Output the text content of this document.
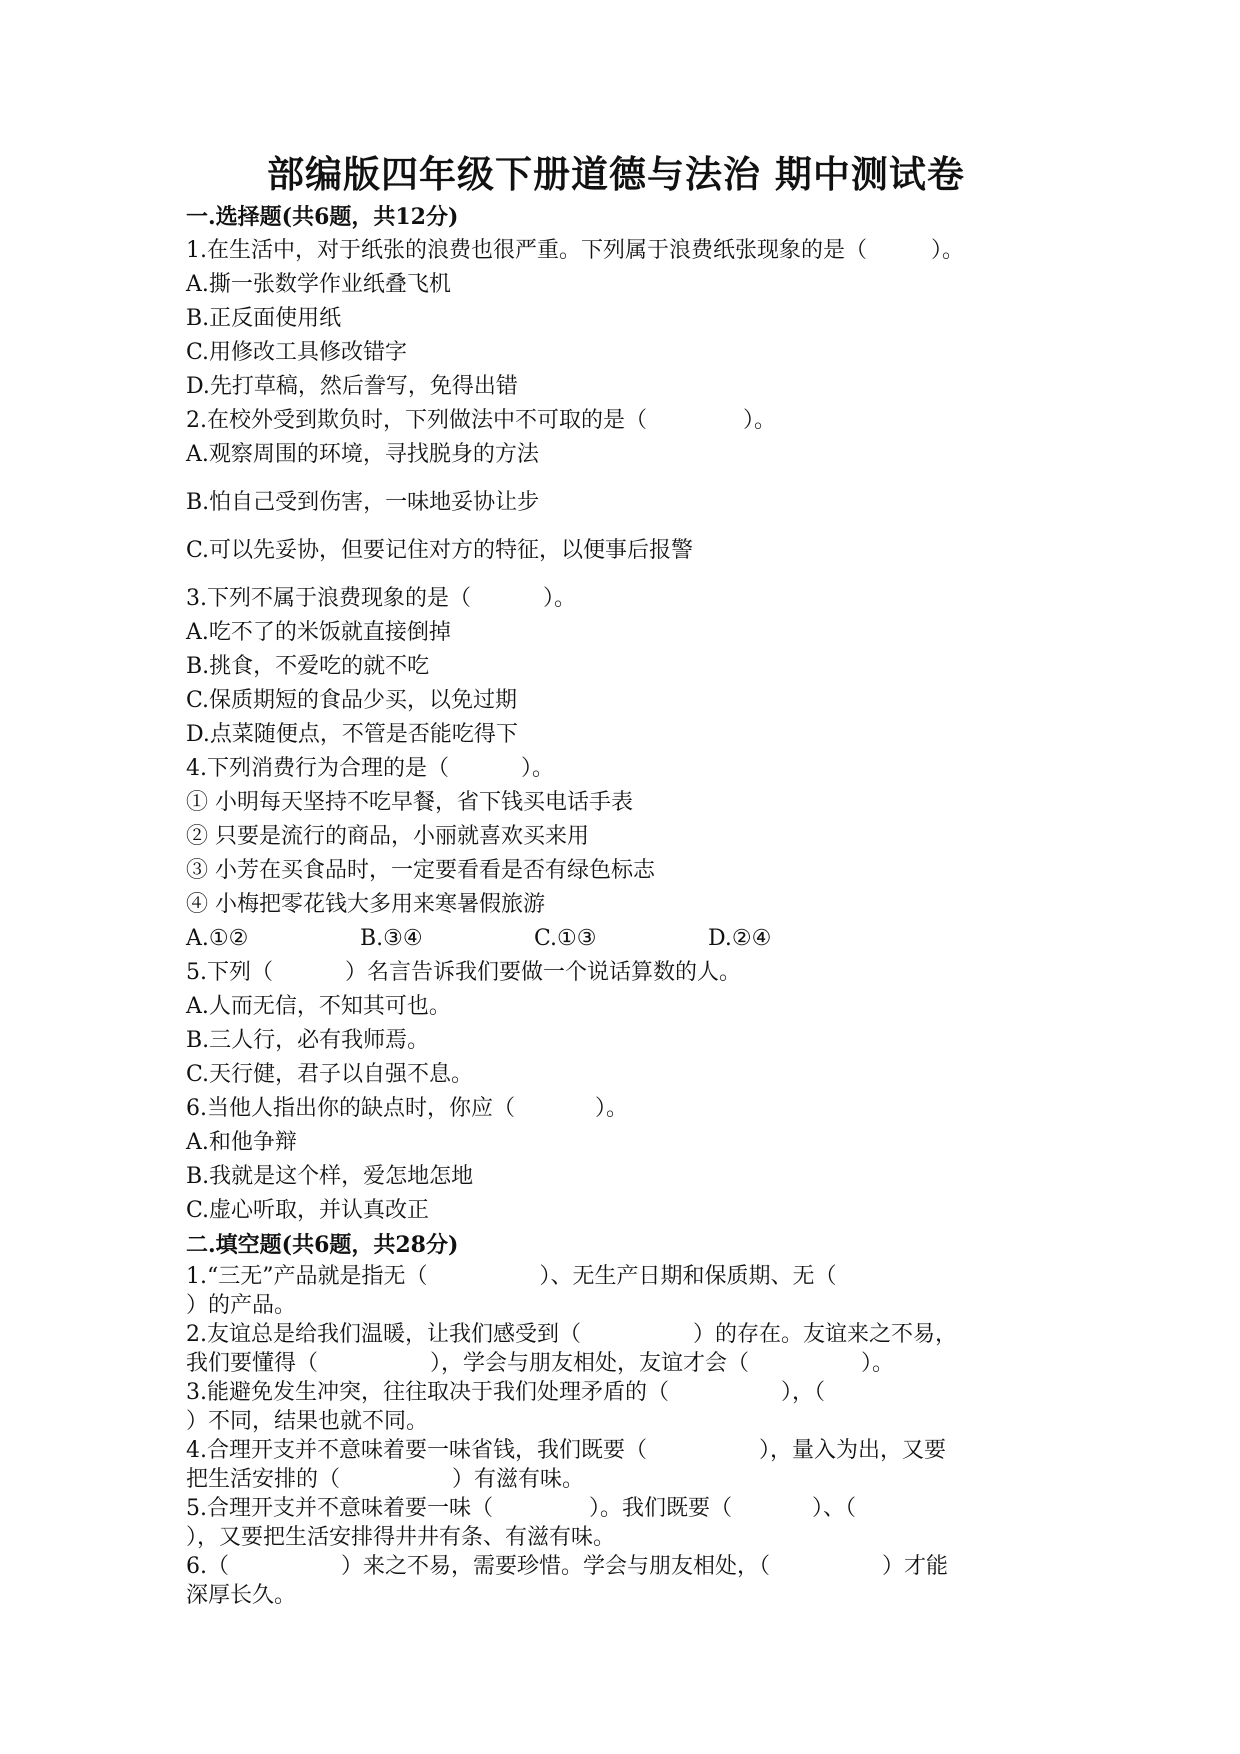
部编版四年级下册道德与法治 期中测试卷
一.选择题(共6题，共12分)
1.在生活中，对于纸张的浪费也很严重。下列属于浪费纸张现象的是（	）。
A.撕一张数学作业纸叠飞机
B.正反面使用纸
C.用修改工具修改错字
D.先打草稿，然后誊写，免得出错
2.在校外受到欺负时，下列做法中不可取的是（	）。
A.观察周围的环境，寻找脱身的方法
B.怕自己受到伤害，一味地妥协让步
C.可以先妥协，但要记住对方的特征，以便事后报警
3.下列不属于浪费现象的是（	）。
A.吃不了的米饭就直接倒掉
B.挑食，不爱吃的就不吃
C.保质期短的食品少买，以免过期
D.点菜随便点，不管是否能吃得下
4.下列消费行为合理的是（	）。
① 小明每天坚持不吃早餐，省下钱买电话手表
② 只要是流行的商品，小丽就喜欢买来用
③ 小芳在买食品时，一定要看看是否有绿色标志
④ 小梅把零花钱大多用来寒暑假旅游
A.①②	B.③④	C.①③	D.②④
5.下列（	）名言告诉我们要做一个说话算数的人。
A.人而无信，不知其可也。
B.三人行，必有我师焉。
C.天行健，君子以自强不息。
6.当他人指出你的缺点时，你应（	）。
A.和他争辩
B.我就是这个样，爱怎地怎地
C.虚心听取，并认真改正
二.填空题(共6题，共28分)
1.“三无”产品就是指无（	）、无生产日期和保质期、无（
）的产品。
2.友谊总是给我们温暖，让我们感受到（	）的存在。友谊来之不易，
我们要懂得（	），学会与朋友相处，友谊才会（	）。
3.能避免发生冲突，往往取决于我们处理矛盾的（	），（
）不同，结果也就不同。
4.合理开支并不意味着要一味省钱，我们既要（	），量入为出，又要
把生活安排的（	）有滋有味。
5.合理开支并不意味着要一味（	）。我们既要（	）、（
），又要把生活安排得井井有条、有滋有味。
6.（	）来之不易，需要珍惜。学会与朋友相处，（	）才能
深厚长久。
